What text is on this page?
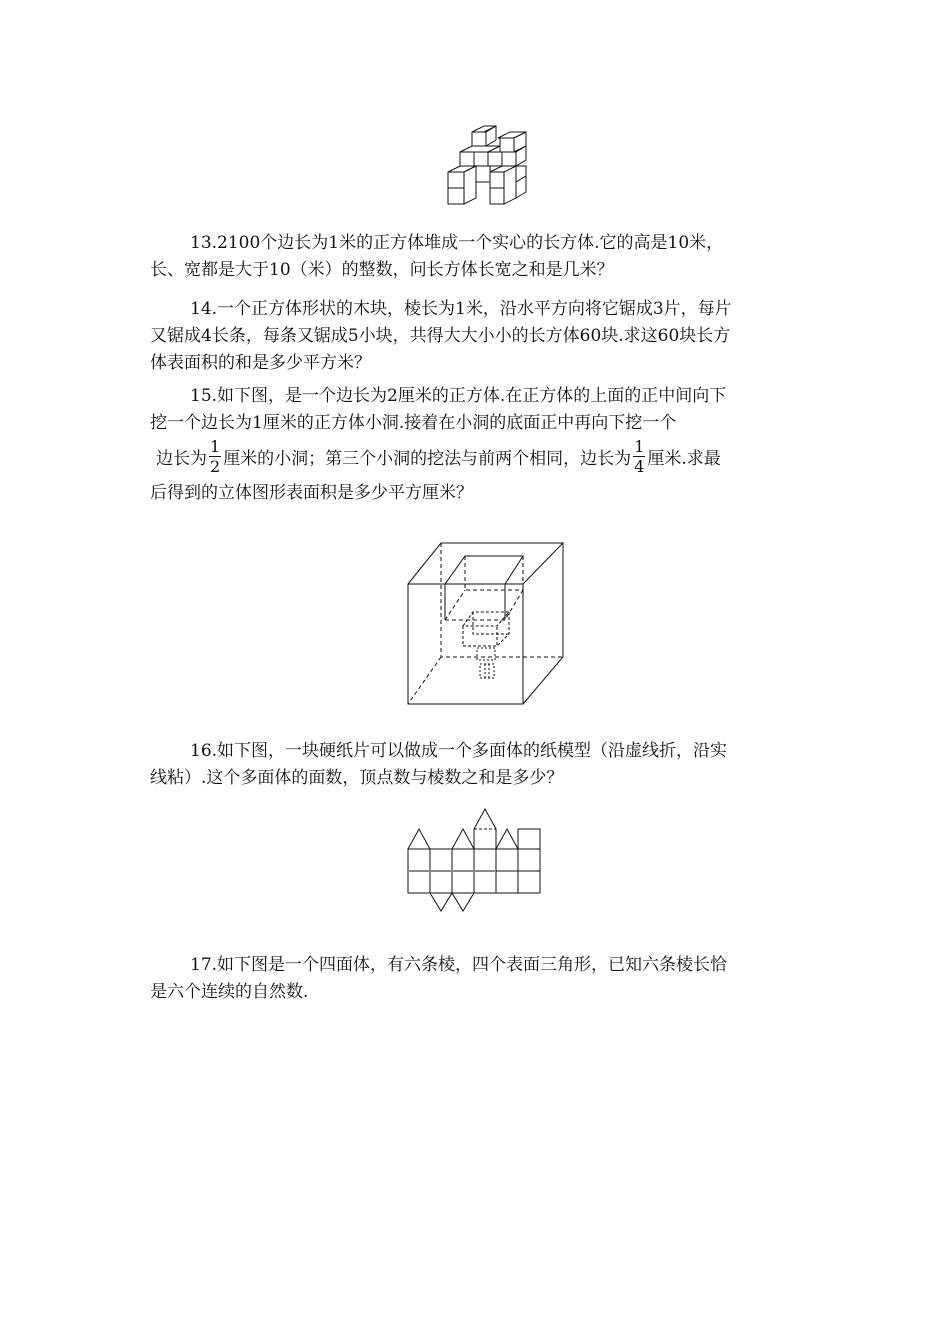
13.2100个边长为1米的正方体堆成一个实心的长方体.它的高是10米，
长、宽都是大于10（米）的整数，问长方体长宽之和是几米？

14.一个正方体形状的木块，棱长为1米，沿水平方向将它锯成3片，每片
又锯成4长条，每条又锯成5小块，共得大大小小的长方体60块.求这60块长方
体表面积的和是多少平方米？

15.如下图，是一个边长为2厘米的正方体.在正方体的上面的正中间向下
挖一个边长为1厘米的正方体小洞.接着在小洞的底面正中再向下挖一个

边长为 $\frac{1}{2}$ 厘米的小洞；第三个小洞的挖法与前两个相同，边长为 $\frac{1}{4}$ 厘米.求最

后得到的立体图形表面积是多少平方厘米？

16.如下图，一块硬纸片可以做成一个多面体的纸模型（沿虚线折，沿实
线粘）.这个多面体的面数，顶点数与棱数之和是多少？

17.如下图是一个四面体，有六条棱，四个表面三角形，已知六条棱长恰
是六个连续的自然数.
